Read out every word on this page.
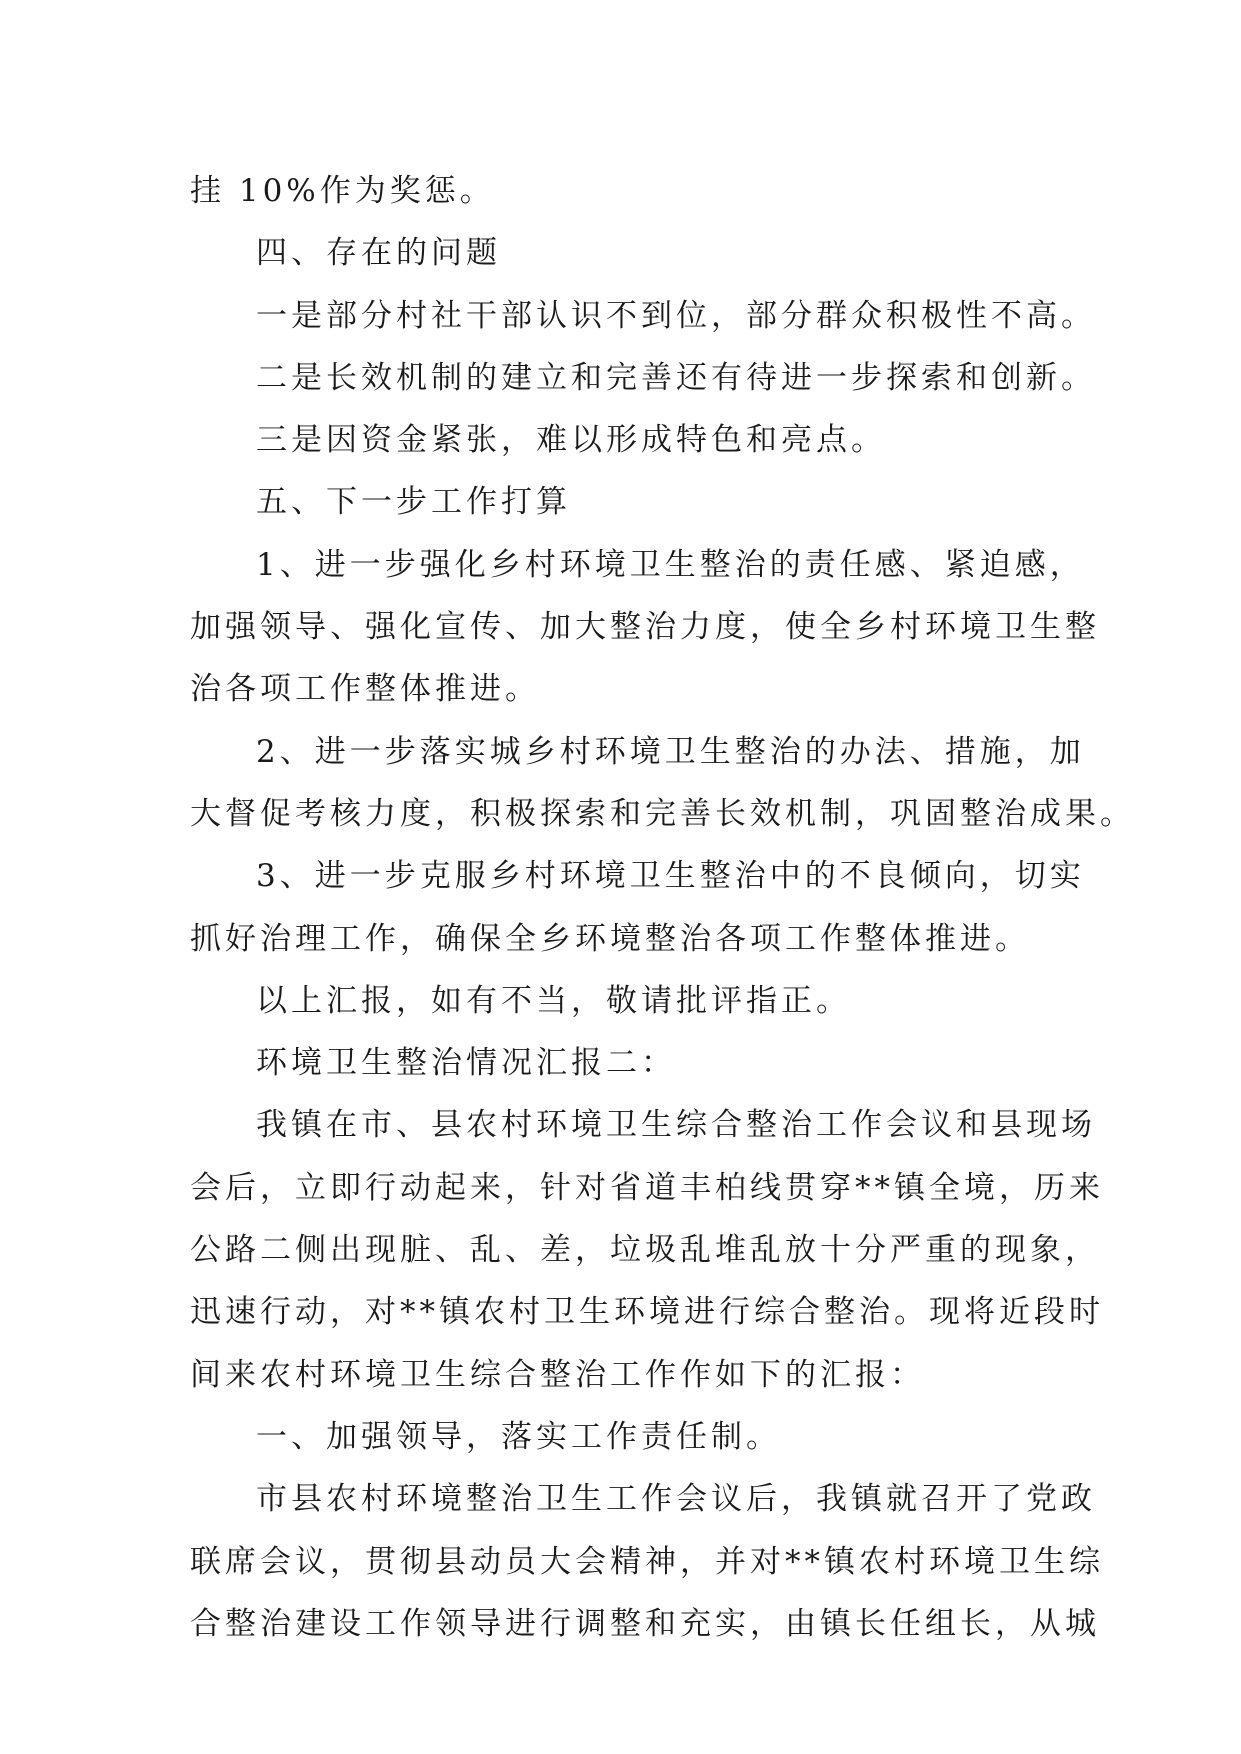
挂 10%作为奖惩。
四、存在的问题
一是部分村社干部认识不到位，部分群众积极性不高。
二是长效机制的建立和完善还有待进一步探索和创新。
三是因资金紧张，难以形成特色和亮点。
五、下一步工作打算
1、进一步强化乡村环境卫生整治的责任感、紧迫感，
加强领导、强化宣传、加大整治力度，使全乡村环境卫生整
治各项工作整体推进。
2、进一步落实城乡村环境卫生整治的办法、措施，加
大督促考核力度，积极探索和完善长效机制，巩固整治成果。
3、进一步克服乡村环境卫生整治中的不良倾向，切实
抓好治理工作，确保全乡环境整治各项工作整体推进。
以上汇报，如有不当，敬请批评指正。
环境卫生整治情况汇报二：
我镇在市、县农村环境卫生综合整治工作会议和县现场
会后，立即行动起来，针对省道丰柏线贯穿**镇全境，历来
公路二侧出现脏、乱、差，垃圾乱堆乱放十分严重的现象，
迅速行动，对**镇农村卫生环境进行综合整治。现将近段时
间来农村环境卫生综合整治工作作如下的汇报：
一、加强领导，落实工作责任制。
市县农村环境整治卫生工作会议后，我镇就召开了党政
联席会议，贯彻县动员大会精神，并对**镇农村环境卫生综
合整治建设工作领导进行调整和充实，由镇长任组长，从城
